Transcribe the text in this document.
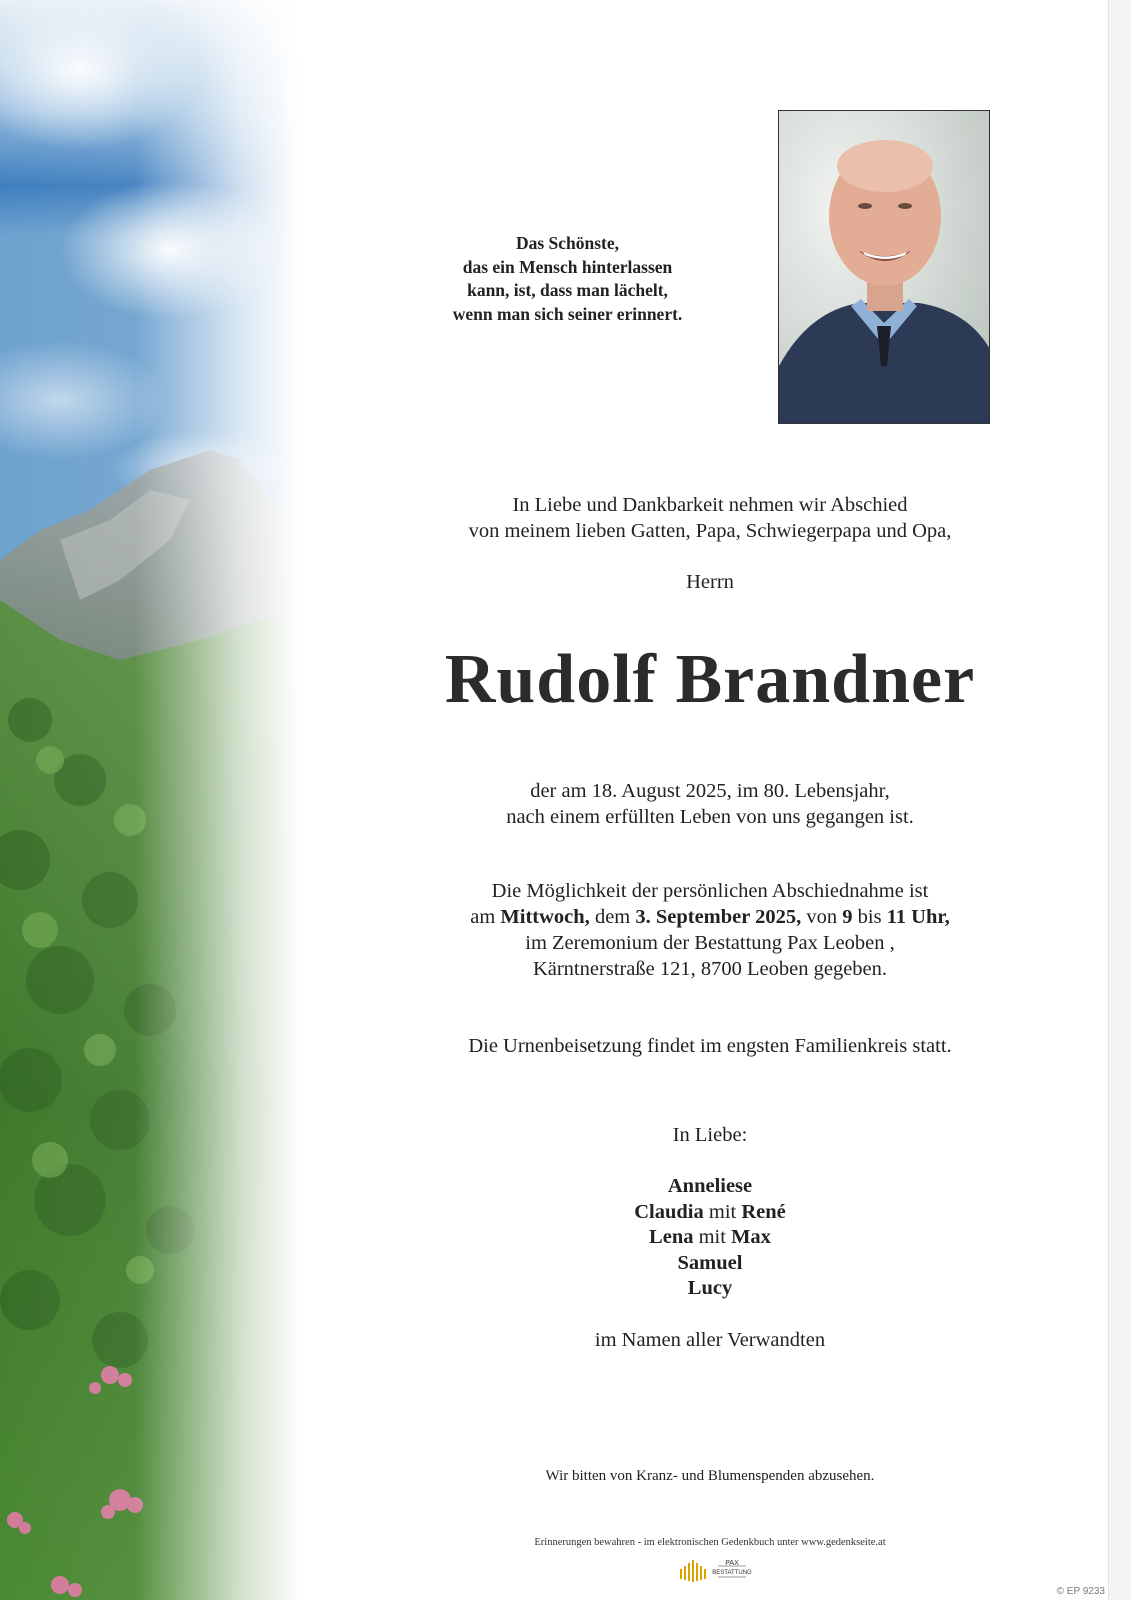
Das Schönste,
das ein Mensch hinterlassen
kann, ist, dass man lächelt,
wenn man sich seiner erinnert.
In Liebe und Dankbarkeit nehmen wir Abschied
von meinem lieben Gatten, Papa, Schwiegerpapa und Opa,
Herrn
Rudolf Brandner
der am 18. August 2025, im 80. Lebensjahr,
nach einem erfüllten Leben von uns gegangen ist.
Die Möglichkeit der persönlichen Abschiednahme ist
am Mittwoch, dem 3. September 2025, von 9 bis 11 Uhr,
im Zeremonium der Bestattung Pax Leoben ,
Kärntnerstraße 121, 8700 Leoben gegeben.
Die Urnenbeisetzung findet im engsten Familienkreis statt.
In Liebe:
Anneliese
Claudia mit René
Lena mit Max
Samuel
Lucy
im Namen aller Verwandten
Wir bitten von Kranz- und Blumenspenden abzusehen.
Erinnerungen bewahren - im elektronischen Gedenkbuch unter www.gedenkseite.at
PAX
BESTATTUNG
© EP 9233
